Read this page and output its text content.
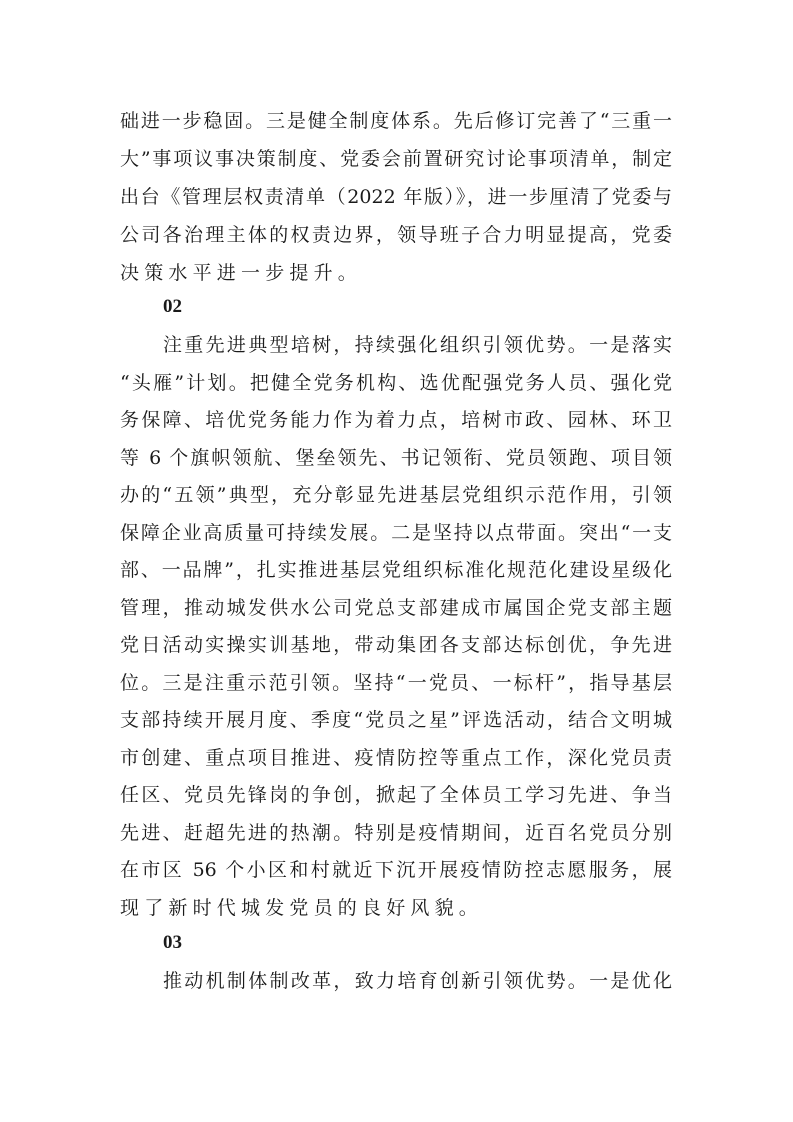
础进一步稳固。三是健全制度体系。先后修订完善了“三重一
大”事项议事决策制度、党委会前置研究讨论事项清单，制定
出台《管理层权责清单（2022 年版）》，进一步厘清了党委与
公司各治理主体的权责边界，领导班子合力明显提高，党委
决策水平进一步提升。
02
注重先进典型培树，持续强化组织引领优势。一是落实
“头雁”计划。把健全党务机构、选优配强党务人员、强化党
务保障、培优党务能力作为着力点，培树市政、园林、环卫
等 6 个旗帜领航、堡垒领先、书记领衔、党员领跑、项目领
办的“五领”典型，充分彰显先进基层党组织示范作用，引领
保障企业高质量可持续发展。二是坚持以点带面。突出“一支
部、一品牌”，扎实推进基层党组织标准化规范化建设星级化
管理，推动城发供水公司党总支部建成市属国企党支部主题
党日活动实操实训基地，带动集团各支部达标创优，争先进
位。三是注重示范引领。坚持“一党员、一标杆”，指导基层
支部持续开展月度、季度“党员之星”评选活动，结合文明城
市创建、重点项目推进、疫情防控等重点工作，深化党员责
任区、党员先锋岗的争创，掀起了全体员工学习先进、争当
先进、赶超先进的热潮。特别是疫情期间，近百名党员分别
在市区 56 个小区和村就近下沉开展疫情防控志愿服务，展
现了新时代城发党员的良好风貌。
03
推动机制体制改革，致力培育创新引领优势。一是优化
